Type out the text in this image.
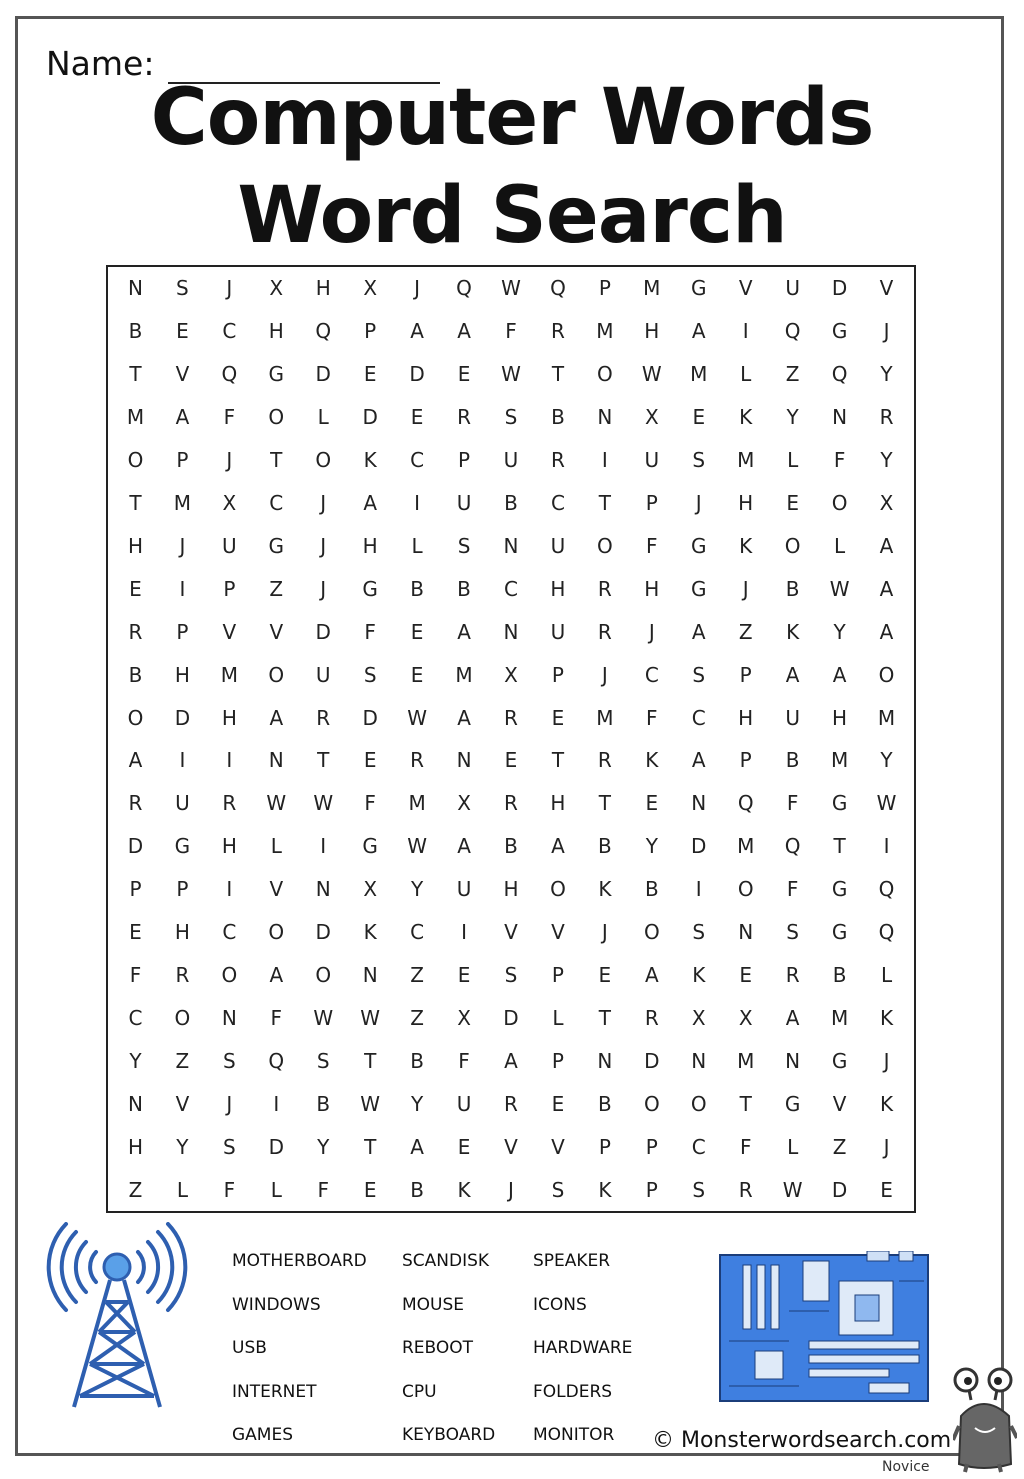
Name:
Computer Words
Word Search
N	S	J	X	H	X	J	Q	W	Q	P	M	G	V	U	D	V
B	E	C	H	Q	P	A	A	F	R	M	H	A	I	Q	G	J
T	V	Q	G	D	E	D	E	W	T	O	W	M	L	Z	Q	Y
M	A	F	O	L	D	E	R	S	B	N	X	E	K	Y	N	R
O	P	J	T	O	K	C	P	U	R	I	U	S	M	L	F	Y
T	M	X	C	J	A	I	U	B	C	T	P	J	H	E	O	X
H	J	U	G	J	H	L	S	N	U	O	F	G	K	O	L	A
E	I	P	Z	J	G	B	B	C	H	R	H	G	J	B	W	A
R	P	V	V	D	F	E	A	N	U	R	J	A	Z	K	Y	A
B	H	M	O	U	S	E	M	X	P	J	C	S	P	A	A	O
O	D	H	A	R	D	W	A	R	E	M	F	C	H	U	H	M
A	I	I	N	T	E	R	N	E	T	R	K	A	P	B	M	Y
R	U	R	W	W	F	M	X	R	H	T	E	N	Q	F	G	W
D	G	H	L	I	G	W	A	B	A	B	Y	D	M	Q	T	I
P	P	I	V	N	X	Y	U	H	O	K	B	I	O	F	G	Q
E	H	C	O	D	K	C	I	V	V	J	O	S	N	S	G	Q
F	R	O	A	O	N	Z	E	S	P	E	A	K	E	R	B	L
C	O	N	F	W	W	Z	X	D	L	T	R	X	X	A	M	K
Y	Z	S	Q	S	T	B	F	A	P	N	D	N	M	N	G	J
N	V	J	I	B	W	Y	U	R	E	B	O	O	T	G	V	K
H	Y	S	D	Y	T	A	E	V	V	P	P	C	F	L	Z	J
Z	L	F	L	F	E	B	K	J	S	K	P	S	R	W	D	E
MOTHERBOARD
WINDOWS
USB
INTERNET
GAMES
SCANDISK
MOUSE
REBOOT
CPU
KEYBOARD
SPEAKER
ICONS
HARDWARE
FOLDERS
MONITOR	© Monsterwordsearch.com
Novice
